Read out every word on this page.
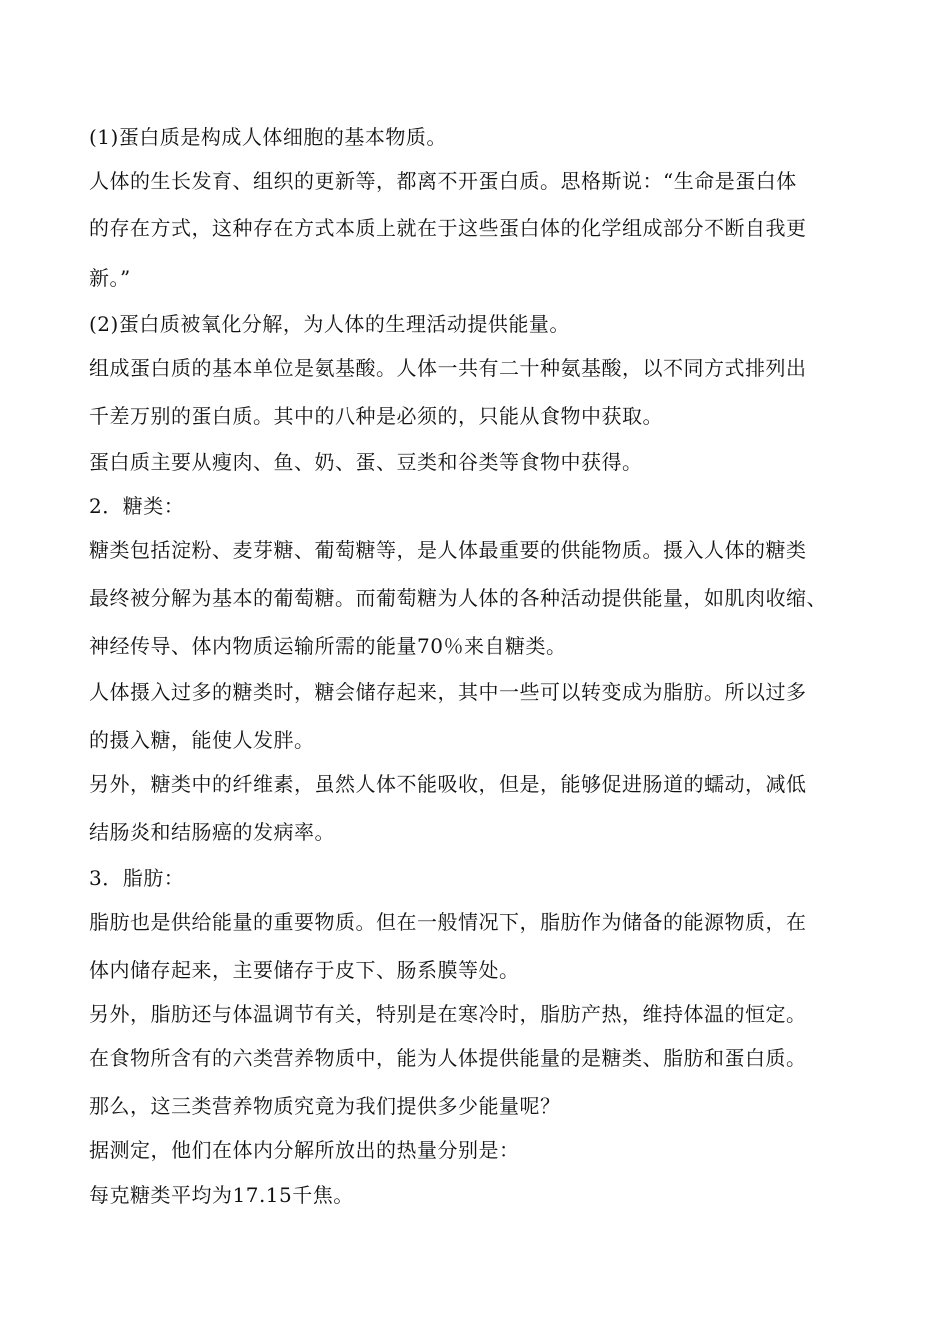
(1)蛋白质是构成人体细胞的基本物质。
人体的生长发育、组织的更新等，都离不开蛋白质。思格斯说：“生命是蛋白体
的存在方式，这种存在方式本质上就在于这些蛋白体的化学组成部分不断自我更
新。”
(2)蛋白质被氧化分解，为人体的生理活动提供能量。
组成蛋白质的基本单位是氨基酸。人体一共有二十种氨基酸，以不同方式排列出
千差万别的蛋白质。其中的八种是必须的，只能从食物中获取。
蛋白质主要从瘦肉、鱼、奶、蛋、豆类和谷类等食物中获得。
2．糖类：
糖类包括淀粉、麦芽糖、葡萄糖等，是人体最重要的供能物质。摄入人体的糖类
最终被分解为基本的葡萄糖。而葡萄糖为人体的各种活动提供能量，如肌肉收缩、
神经传导、体内物质运输所需的能量70％来自糖类。
人体摄入过多的糖类时，糖会储存起来，其中一些可以转变成为脂肪。所以过多
的摄入糖，能使人发胖。
另外，糖类中的纤维素，虽然人体不能吸收，但是，能够促进肠道的蠕动，减低
结肠炎和结肠癌的发病率。
3．脂肪：
脂肪也是供给能量的重要物质。但在一般情况下，脂肪作为储备的能源物质，在
体内储存起来，主要储存于皮下、肠系膜等处。
另外，脂肪还与体温调节有关，特别是在寒冷时，脂肪产热，维持体温的恒定。
在食物所含有的六类营养物质中，能为人体提供能量的是糖类、脂肪和蛋白质。
那么，这三类营养物质究竟为我们提供多少能量呢？
据测定，他们在体内分解所放出的热量分别是：
每克糖类平均为17.15千焦。
